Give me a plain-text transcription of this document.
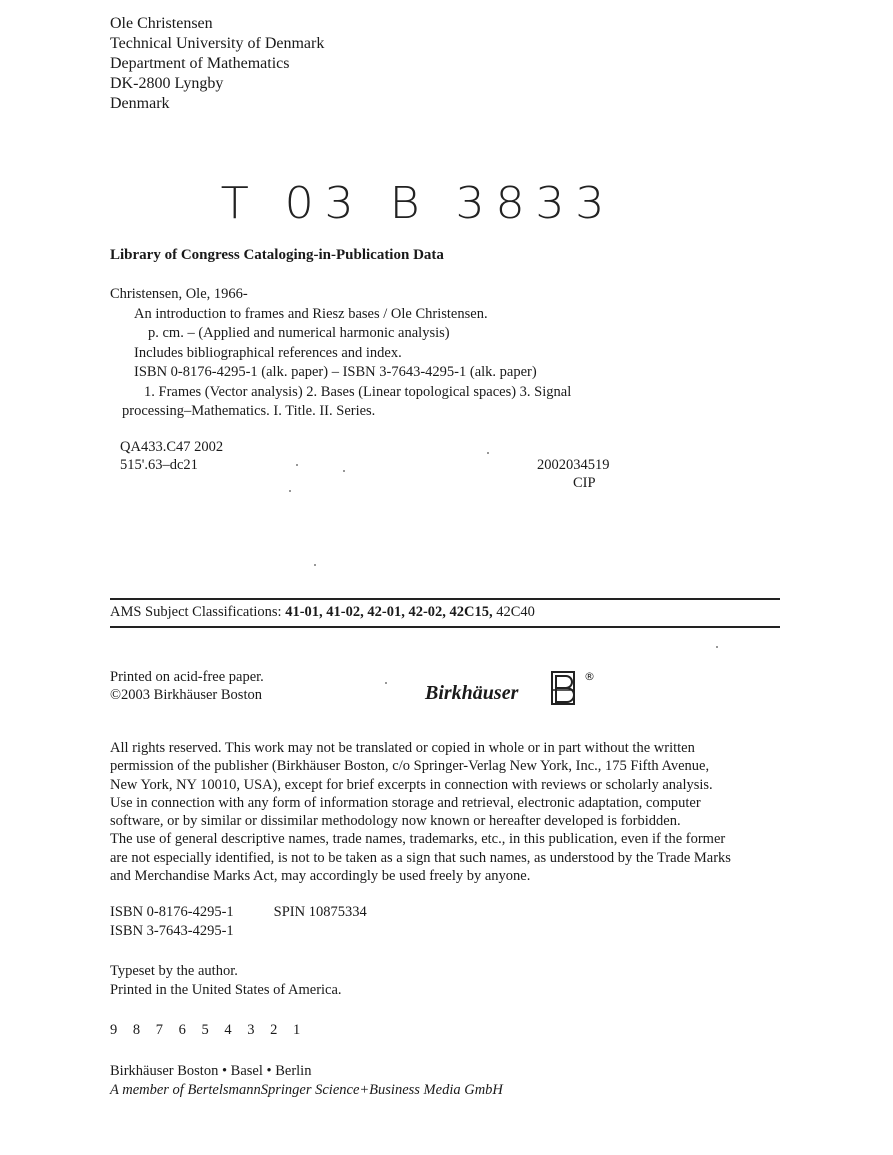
Ole Christensen
Technical University of Denmark
Department of Mathematics
DK-2800 Lyngby
Denmark
T 03 B 3833
Library of Congress Cataloging-in-Publication Data
Christensen, Ole, 1966-
An introduction to frames and Riesz bases / Ole Christensen.
p. cm. – (Applied and numerical harmonic analysis)
Includes bibliographical references and index.
ISBN 0-8176-4295-1 (alk. paper) – ISBN 3-7643-4295-1 (alk. paper)
1. Frames (Vector analysis) 2. Bases (Linear topological spaces) 3. Signal
processing–Mathematics. I. Title. II. Series.
QA433.C47 2002
515'.63–dc21	2002034519
CIP
AMS Subject Classifications: 41-01, 41-02, 42-01, 42-02, 42C15, 42C40
Printed on acid-free paper.
©2003 Birkhäuser Boston	Birkhäuser
®
All rights reserved. This work may not be translated or copied in whole or in part without the written
permission of the publisher (Birkhäuser Boston, c/o Springer-Verlag New York, Inc., 175 Fifth Avenue,
New York, NY 10010, USA), except for brief excerpts in connection with reviews or scholarly analysis.
Use in connection with any form of information storage and retrieval, electronic adaptation, computer
software, or by similar or dissimilar methodology now known or hereafter developed is forbidden.
The use of general descriptive names, trade names, trademarks, etc., in this publication, even if the former
are not especially identified, is not to be taken as a sign that such names, as understood by the Trade Marks
and Merchandise Marks Act, may accordingly be used freely by anyone.
ISBN 0-8176-4295-1	SPIN 10875334
ISBN 3-7643-4295-1
Typeset by the author.
Printed in the United States of America.
9 8 7 6 5 4 3 2 1
Birkhäuser Boston • Basel • Berlin
A member of BertelsmannSpringer Science+Business Media GmbH
